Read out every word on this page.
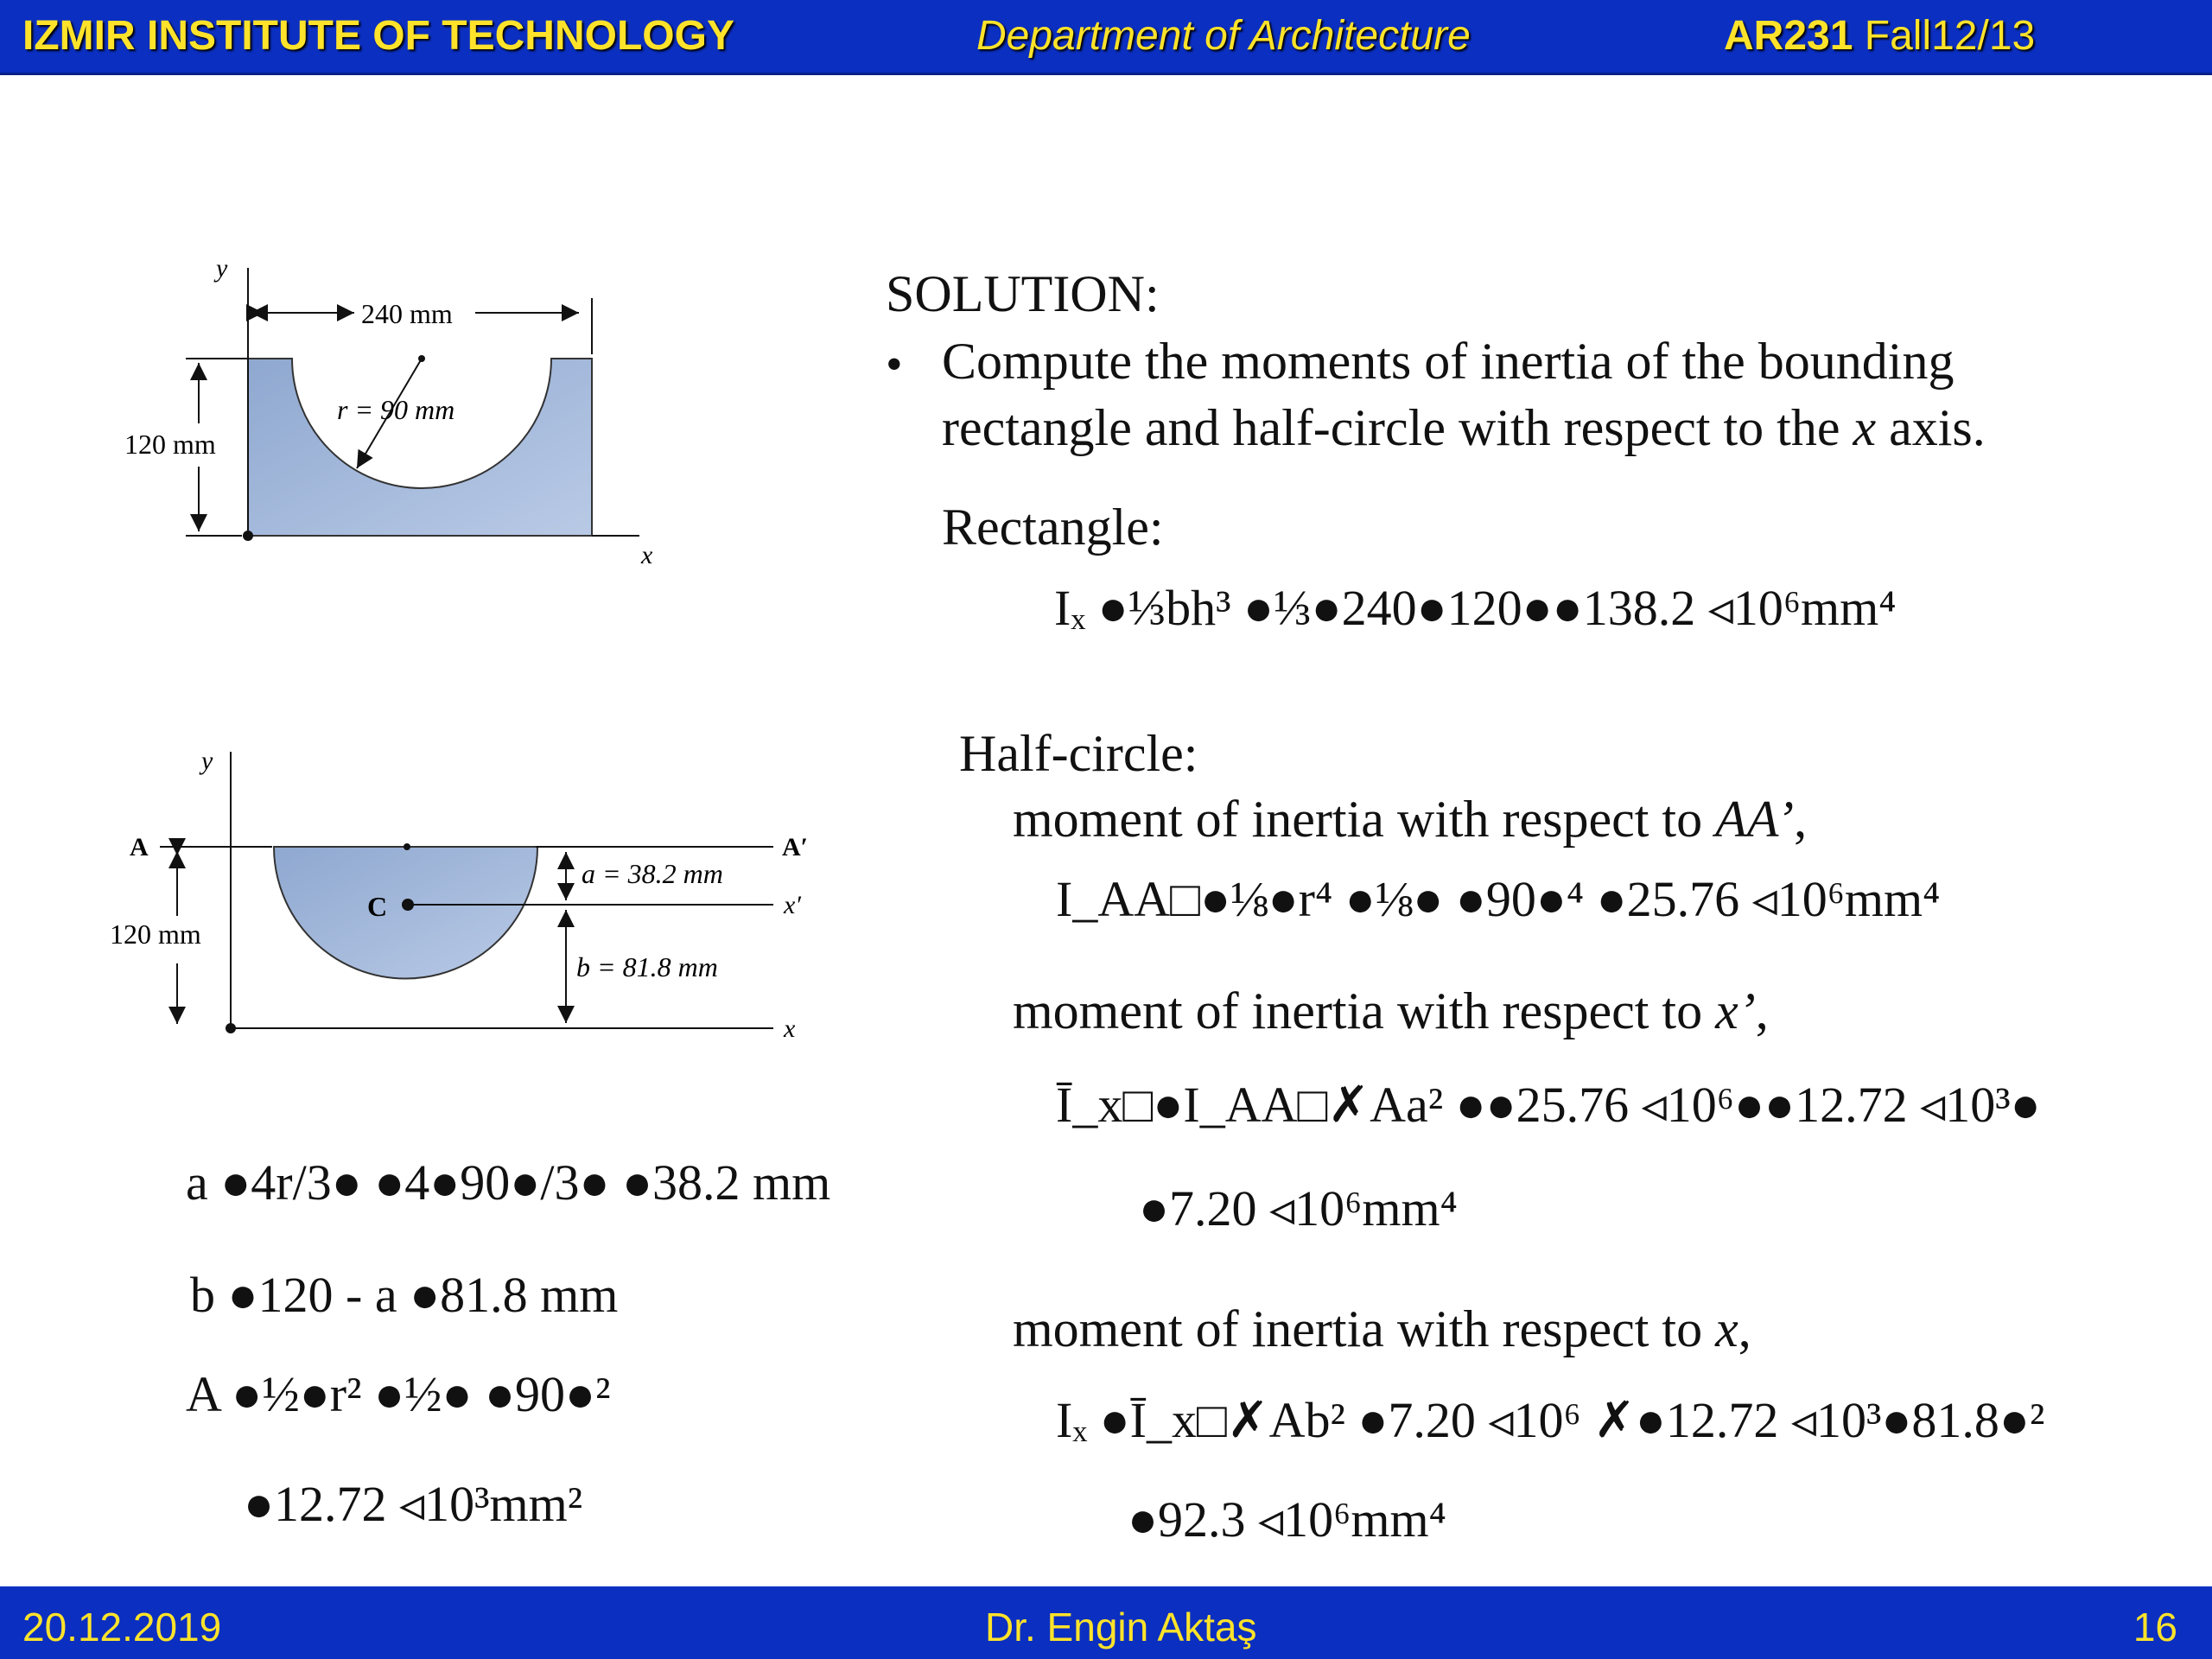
IZMIR INSTITUTE OF TECHNOLOGY	Department of Architecture	AR231 Fall12/13
y
x
240 mm
120 mm
r = 90 mm
A	A′
y
x
C	x′
120 mm
a = 38.2 mm
b = 81.8 mm
a ●4r/3● ●4●90●/3● ●38.2 mm
b ●120 - a ●81.8 mm
A ●½●r² ●½● ●90●²
●12.72 ◃10³mm²
SOLUTION:
• Compute the moments of inertia of the bounding
rectangle and half-circle with respect to the x axis.
Rectangle:
Iₓ ●⅓bh³ ●⅓●240●120●●138.2 ◃10⁶mm⁴
Half-circle:
moment of inertia with respect to AA’,
I_AA□●⅛●r⁴ ●⅛● ●90●⁴ ●25.76 ◃10⁶mm⁴
moment of inertia with respect to x’,
Ī_x□●I_AA□✗Aa² ●●25.76 ◃10⁶●●12.72 ◃10³●
●7.20 ◃10⁶mm⁴
moment of inertia with respect to x,
Iₓ ●Ī_x□✗Ab² ●7.20 ◃10⁶ ✗●12.72 ◃10³●81.8●²
●92.3 ◃10⁶mm⁴
20.12.2019	Dr. Engin Aktaş	16
